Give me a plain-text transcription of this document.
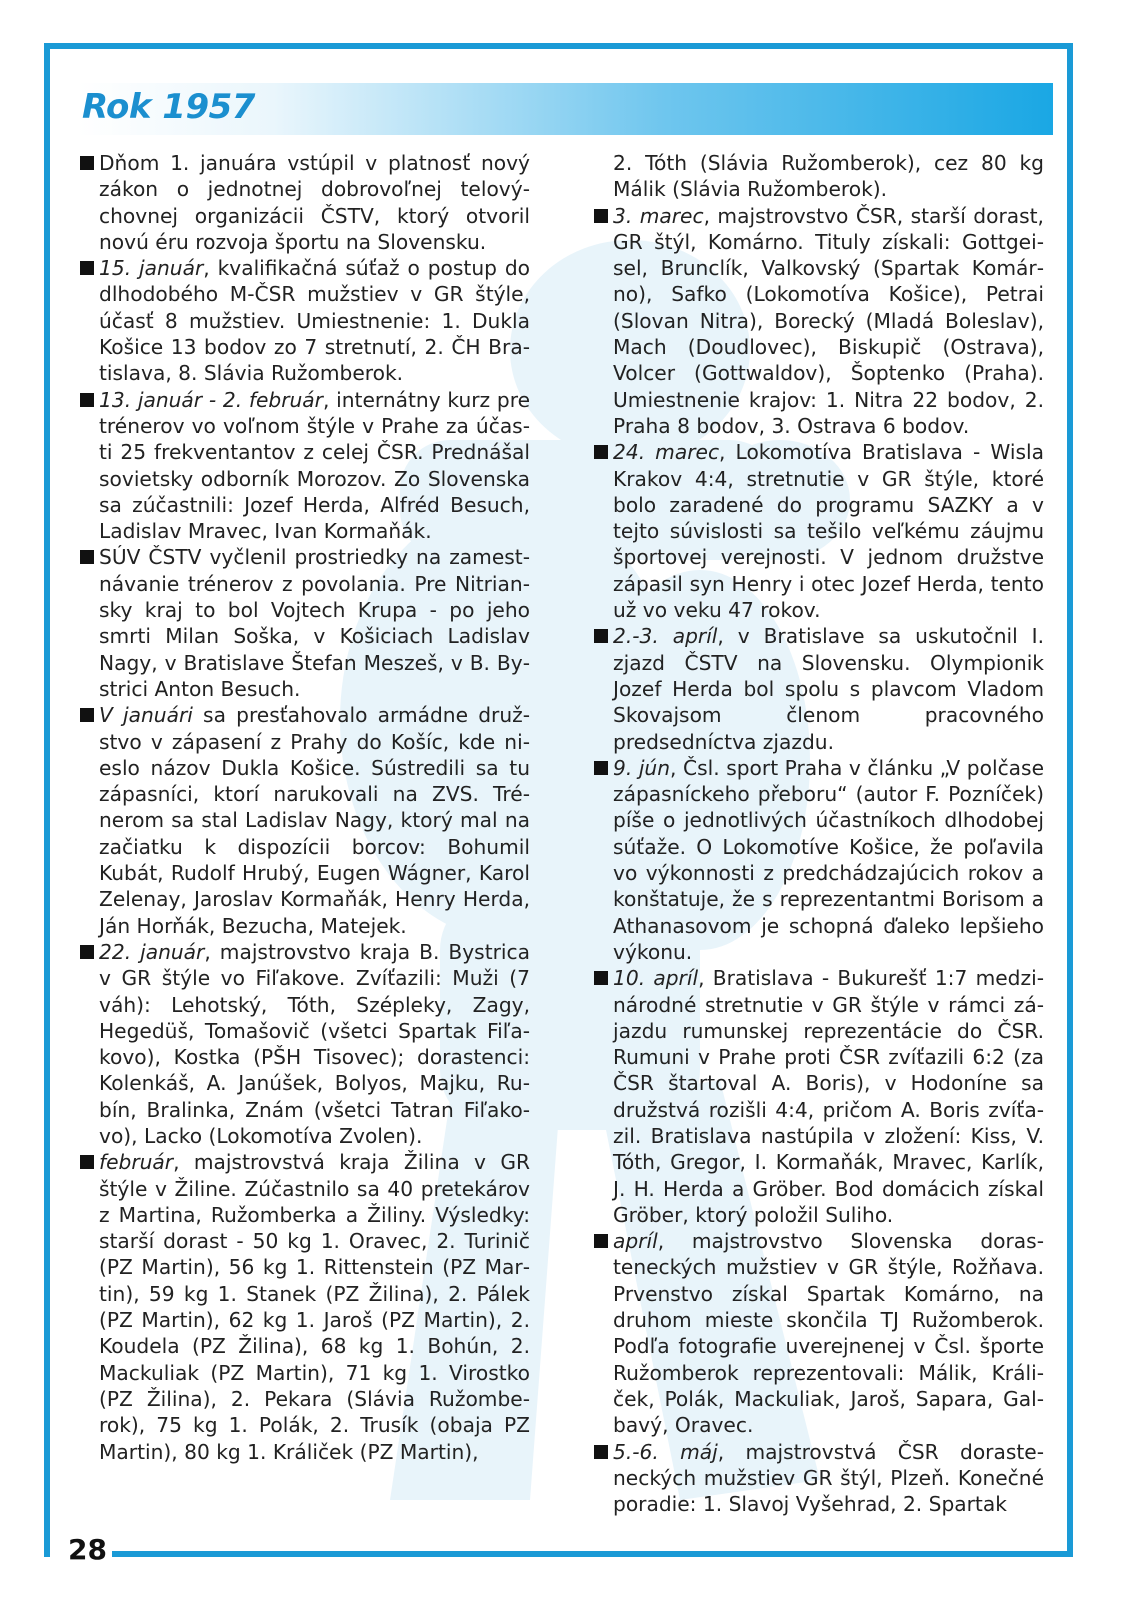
Rok 1957

Dňom 1. januára vstúpil v platnosť nový zákon o jednotnej dobrovoľnej telovýchovnej organizácii ČSTV, ktorý otvoril novú éru rozvoja športu na Slovensku.

15. január, kvalifikačná súťaž o postup do dlhodobého M-ČSR mužstiev v GR štýle, účasť 8 mužstiev. Umiestnenie: 1. Dukla Košice 13 bodov zo 7 stretnutí, 2. ČH Bratislava, 8. Slávia Ružomberok.

13. január - 2. február, internátny kurz pre trénerov vo voľnom štýle v Prahe za účasti 25 frekventantov z celej ČSR. Prednášal sovietsky odborník Morozov. Zo Slovenska sa zúčastnili: Jozef Herda, Alfréd Besuch, Ladislav Mravec, Ivan Kormaňák.

SÚV ČSTV vyčlenil prostriedky na zamestnávanie trénerov z povolania. Pre Nitriansky kraj to bol Vojtech Krupa - po jeho smrti Milan Soška, v Košiciach Ladislav Nagy, v Bratislave Štefan Meszeš, v B. Bystrici Anton Besuch.

V januári sa presťahovalo armádne družstvo v zápasení z Prahy do Košíc, kde nieslo názov Dukla Košice. Sústredili sa tu zápasníci, ktorí narukovali na ZVS. Trénerom sa stal Ladislav Nagy, ktorý mal na začiatku k dispozícii borcov: Bohumil Kubát, Rudolf Hrubý, Eugen Wágner, Karol Zelenay, Jaroslav Kormaňák, Henry Herda, Ján Horňák, Bezucha, Matejek.

22. január, majstrovstvo kraja B. Bystrica v GR štýle vo Fiľakove. Zvíťazili: Muži (7 váh): Lehotský, Tóth, Szépleky, Zagy, Hegedüš, Tomašovič (všetci Spartak Fiľakovo), Kostka (PŠH Tisovec); dorastenci: Kolenkáš, A. Janúšek, Bolyos, Majku, Rubín, Bralinka, Znám (všetci Tatran Fiľakovo), Lacko (Lokomotíva Zvolen).

február, majstrovstvá kraja Žilina v GR štýle v Žiline. Zúčastnilo sa 40 pretekárov z Martina, Ružomberka a Žiliny. Výsledky: starší dorast - 50 kg 1. Oravec, 2. Turinič (PZ Martin), 56 kg 1. Rittenstein (PZ Martin), 59 kg 1. Stanek (PZ Žilina), 2. Pálek (PZ Martin), 62 kg 1. Jaroš (PZ Martin), 2. Koudela (PZ Žilina), 68 kg 1. Bohún, 2. Mackuliak (PZ Martin), 71 kg 1. Virostko (PZ Žilina), 2. Pekara (Slávia Ružomberok), 75 kg 1. Polák, 2. Trusík (obaja PZ Martin), 80 kg 1. Králiček (PZ Martin),

2. Tóth (Slávia Ružomberok), cez 80 kg Málik (Slávia Ružomberok).

3. marec, majstrovstvo ČSR, starší dorast, GR štýl, Komárno. Tituly získali: Gottgeisel, Brunclík, Valkovský (Spartak Komárno), Safko (Lokomotíva Košice), Petrai (Slovan Nitra), Borecký (Mladá Boleslav), Mach (Doudlovec), Biskupič (Ostrava), Volcer (Gottwaldov), Šoptenko (Praha). Umiestnenie krajov: 1. Nitra 22 bodov, 2. Praha 8 bodov, 3. Ostrava 6 bodov.

24. marec, Lokomotíva Bratislava - Wisla Krakov 4:4, stretnutie v GR štýle, ktoré bolo zaradené do programu SAZKY a v tejto súvislosti sa tešilo veľkému záujmu športovej verejnosti. V jednom družstve zápasil syn Henry i otec Jozef Herda, tento už vo veku 47 rokov.

2.-3. apríl, v Bratislave sa uskutočnil I. zjazd ČSTV na Slovensku. Olympionik Jozef Herda bol spolu s plavcom Vladom Skovajsom členom pracovného predsedníctva zjazdu.

9. jún, Čsl. sport Praha v článku „V polčase zápasníckeho přeboru“ (autor F. Pozníček) píše o jednotlivých účastníkoch dlhodobej súťaže. O Lokomotíve Košice, že poľavila vo výkonnosti z predchádzajúcich rokov a konštatuje, že s reprezentantmi Borisom a Athanasovom je schopná ďaleko lepšieho výkonu.

10. apríl, Bratislava - Bukurešť 1:7 medzinárodné stretnutie v GR štýle v rámci zájazdu rumunskej reprezentácie do ČSR. Rumuni v Prahe proti ČSR zvíťazili 6:2 (za ČSR štartoval A. Boris), v Hodoníne sa družstvá rozišli 4:4, pričom A. Boris zvíťazil. Bratislava nastúpila v zložení: Kiss, V. Tóth, Gregor, I. Kormaňák, Mravec, Karlík, J. H. Herda a Gröber. Bod domácich získal Gröber, ktorý položil Suliho.

apríl, majstrovstvo Slovenska dorasteneckých mužstiev v GR štýle, Rožňava. Prvenstvo získal Spartak Komárno, na druhom mieste skončila TJ Ružomberok. Podľa fotografie uverejnenej v Čsl. športe Ružomberok reprezentovali: Málik, Králiček, Polák, Mackuliak, Jaroš, Sapara, Galbavý, Oravec.

5.-6. máj, majstrovstvá ČSR dorasteneckých mužstiev GR štýl, Plzeň. Konečné poradie: 1. Slavoj Vyšehrad, 2. Spartak

28
